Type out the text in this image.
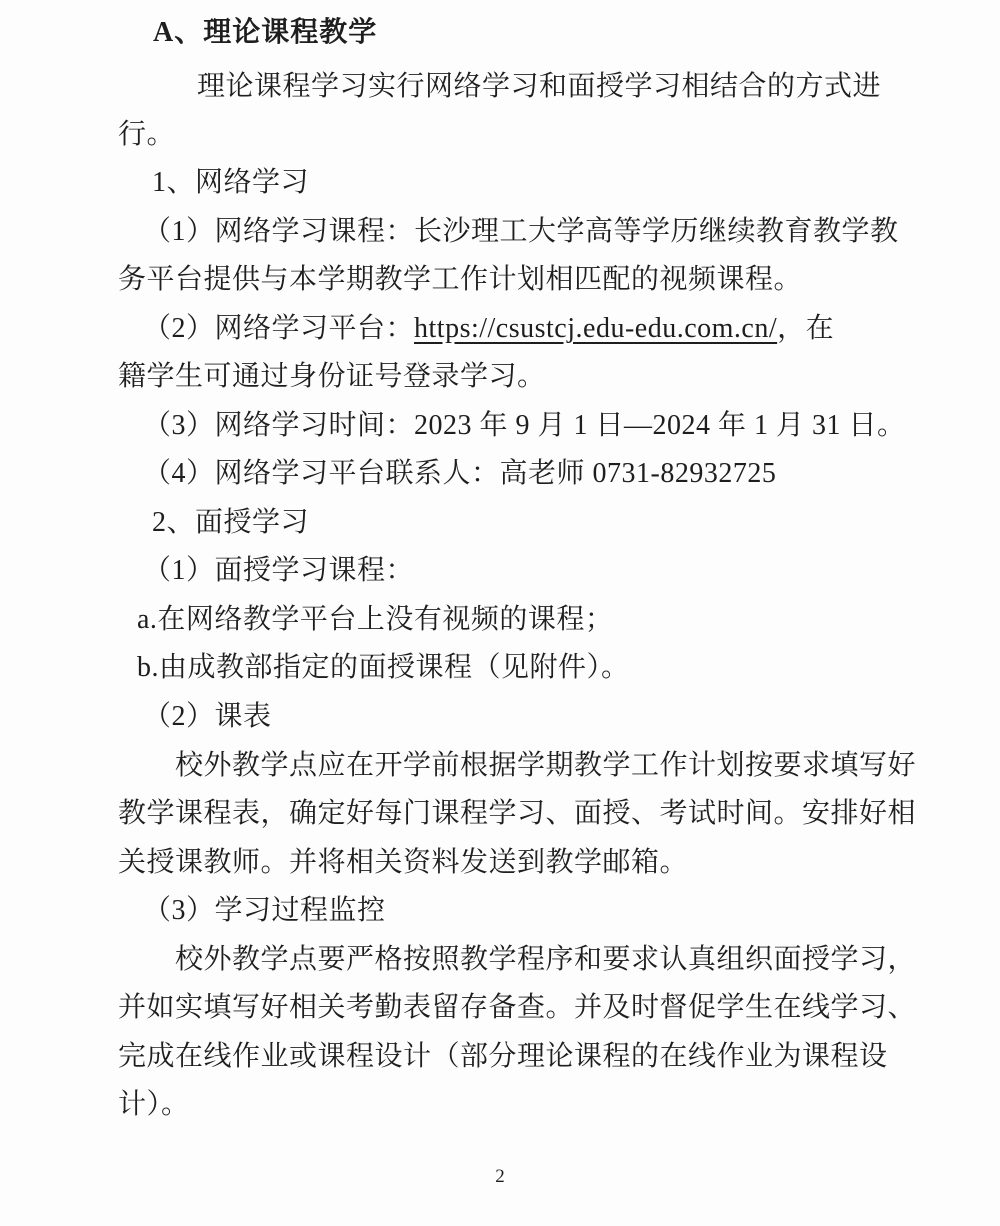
A、理论课程教学
理论课程学习实行网络学习和面授学习相结合的方式进
行。
1、网络学习
（1）网络学习课程：长沙理工大学高等学历继续教育教学教
务平台提供与本学期教学工作计划相匹配的视频课程。
（2）网络学习平台：https://csustcj.edu-edu.com.cn/，在
籍学生可通过身份证号登录学习。
（3）网络学习时间：2023 年 9 月 1 日—2024 年 1 月 31 日。
（4）网络学习平台联系人：高老师 0731-82932725
2、面授学习
（1）面授学习课程：
a.在网络教学平台上没有视频的课程；
b.由成教部指定的面授课程（见附件）。
（2）课表
校外教学点应在开学前根据学期教学工作计划按要求填写好
教学课程表，确定好每门课程学习、面授、考试时间。安排好相
关授课教师。并将相关资料发送到教学邮箱。
（3）学习过程监控
校外教学点要严格按照教学程序和要求认真组织面授学习，
并如实填写好相关考勤表留存备查。并及时督促学生在线学习、
完成在线作业或课程设计（部分理论课程的在线作业为课程设
计）。
2
